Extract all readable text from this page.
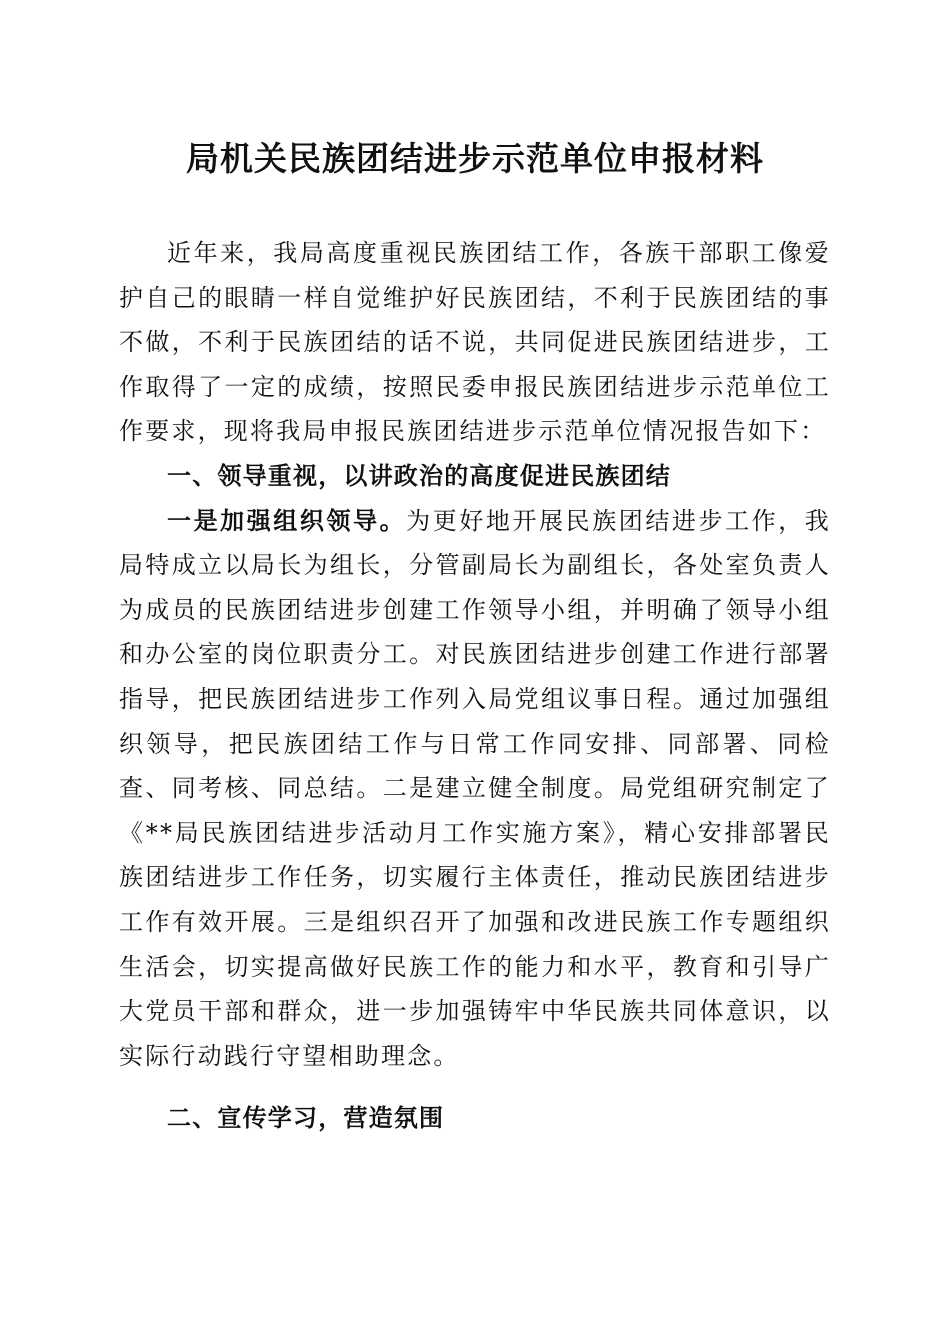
局机关民族团结进步示范单位申报材料

近年来，我局高度重视民族团结工作，各族干部职工像爱护自己的眼睛一样自觉维护好民族团结，不利于民族团结的事不做，不利于民族团结的话不说，共同促进民族团结进步，工作取得了一定的成绩，按照民委申报民族团结进步示范单位工作要求，现将我局申报民族团结进步示范单位情况报告如下：

一、领导重视，以讲政治的高度促进民族团结

一是加强组织领导。为更好地开展民族团结进步工作，我局特成立以局长为组长，分管副局长为副组长，各处室负责人为成员的民族团结进步创建工作领导小组，并明确了领导小组和办公室的岗位职责分工。对民族团结进步创建工作进行部署指导，把民族团结进步工作列入局党组议事日程。通过加强组织领导，把民族团结工作与日常工作同安排、同部署、同检查、同考核、同总结。二是建立健全制度。局党组研究制定了《**局民族团结进步活动月工作实施方案》，精心安排部署民族团结进步工作任务，切实履行主体责任，推动民族团结进步工作有效开展。三是组织召开了加强和改进民族工作专题组织生活会，切实提高做好民族工作的能力和水平，教育和引导广大党员干部和群众，进一步加强铸牢中华民族共同体意识，以实际行动践行守望相助理念。

二、宣传学习，营造氛围
